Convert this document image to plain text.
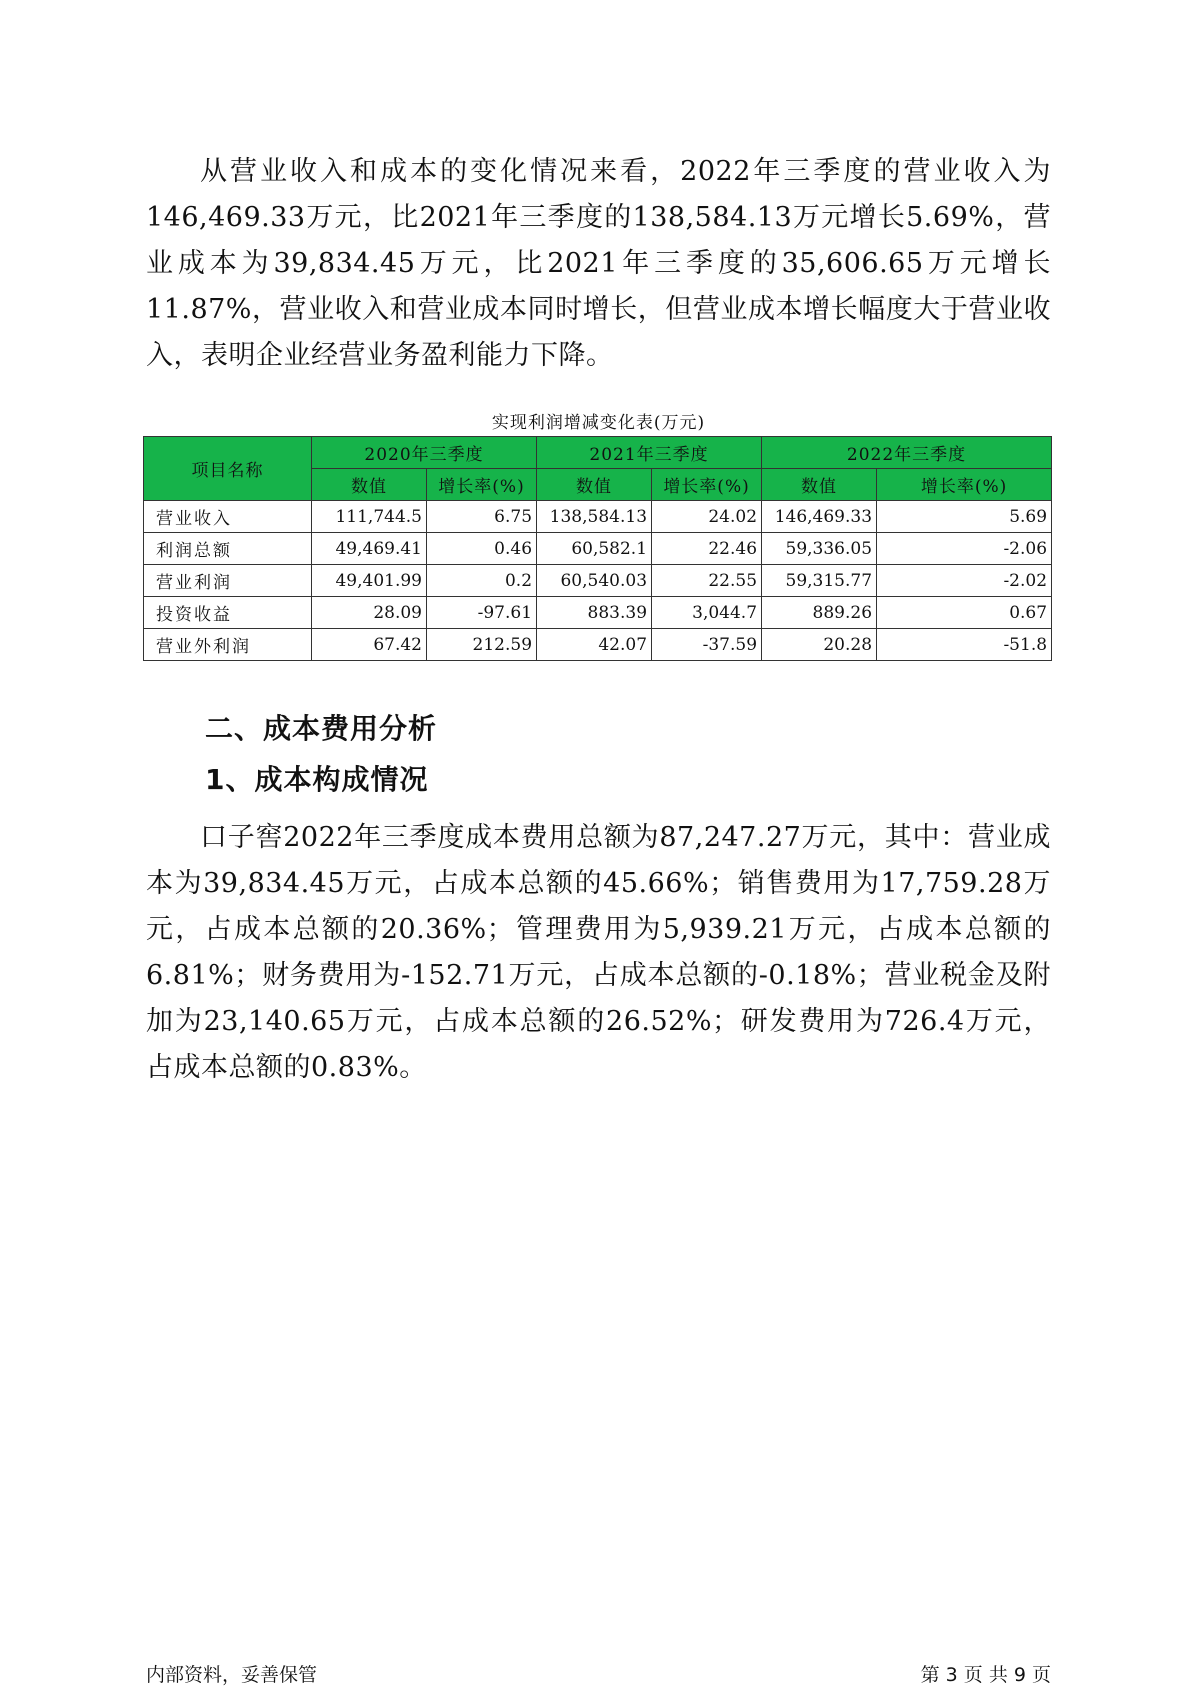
从营业收入和成本的变化情况来看，2022年三季度的营业收入为146,469.33万元，比2021年三季度的138,584.13万元增长5.69%，营业成本为39,834.45万元，比2021年三季度的35,606.65万元增长11.87%，营业收入和营业成本同时增长，但营业成本增长幅度大于营业收入，表明企业经营业务盈利能力下降。

实现利润增减变化表(万元)
项目名称	2020年三季度		2021年三季度		2022年三季度	
	数值	增长率(%)	数值	增长率(%)	数值	增长率(%)
营业收入	111,744.5	6.75	138,584.13	24.02	146,469.33	5.69
利润总额	49,469.41	0.46	60,582.1	22.46	59,336.05	-2.06
营业利润	49,401.99	0.2	60,540.03	22.55	59,315.77	-2.02
投资收益	28.09	-97.61	883.39	3,044.7	889.26	0.67
营业外利润	67.42	212.59	42.07	-37.59	20.28	-51.8
二、成本费用分析
1、成本构成情况

口子窖2022年三季度成本费用总额为87,247.27万元，其中：营业成本为39,834.45万元，占成本总额的45.66%；销售费用为17,759.28万元，占成本总额的20.36%；管理费用为5,939.21万元，占成本总额的6.81%；财务费用为-152.71万元，占成本总额的-0.18%；营业税金及附加为23,140.65万元，占成本总额的26.52%；研发费用为726.4万元，占成本总额的0.83%。

内部资料，妥善保管	第 3 页 共 9 页
